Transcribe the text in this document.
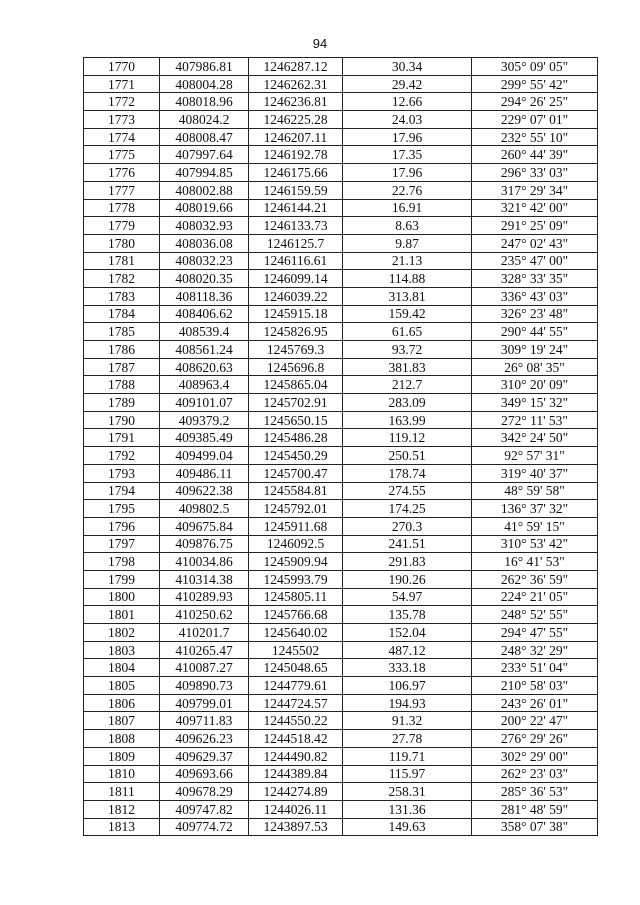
94
1770	407986.81	1246287.12	30.34	305° 09' 05"
1771	408004.28	1246262.31	29.42	299° 55' 42"
1772	408018.96	1246236.81	12.66	294° 26' 25"
1773	408024.2	1246225.28	24.03	229° 07' 01"
1774	408008.47	1246207.11	17.96	232° 55' 10"
1775	407997.64	1246192.78	17.35	260° 44' 39"
1776	407994.85	1246175.66	17.96	296° 33' 03"
1777	408002.88	1246159.59	22.76	317° 29' 34"
1778	408019.66	1246144.21	16.91	321° 42' 00"
1779	408032.93	1246133.73	8.63	291° 25' 09"
1780	408036.08	1246125.7	9.87	247° 02' 43"
1781	408032.23	1246116.61	21.13	235° 47' 00"
1782	408020.35	1246099.14	114.88	328° 33' 35"
1783	408118.36	1246039.22	313.81	336° 43' 03"
1784	408406.62	1245915.18	159.42	326° 23' 48"
1785	408539.4	1245826.95	61.65	290° 44' 55"
1786	408561.24	1245769.3	93.72	309° 19' 24"
1787	408620.63	1245696.8	381.83	26° 08' 35"
1788	408963.4	1245865.04	212.7	310° 20' 09"
1789	409101.07	1245702.91	283.09	349° 15' 32"
1790	409379.2	1245650.15	163.99	272° 11' 53"
1791	409385.49	1245486.28	119.12	342° 24' 50"
1792	409499.04	1245450.29	250.51	92° 57' 31"
1793	409486.11	1245700.47	178.74	319° 40' 37"
1794	409622.38	1245584.81	274.55	48° 59' 58"
1795	409802.5	1245792.01	174.25	136° 37' 32"
1796	409675.84	1245911.68	270.3	41° 59' 15"
1797	409876.75	1246092.5	241.51	310° 53' 42"
1798	410034.86	1245909.94	291.83	16° 41' 53"
1799	410314.38	1245993.79	190.26	262° 36' 59"
1800	410289.93	1245805.11	54.97	224° 21' 05"
1801	410250.62	1245766.68	135.78	248° 52' 55"
1802	410201.7	1245640.02	152.04	294° 47' 55"
1803	410265.47	1245502	487.12	248° 32' 29"
1804	410087.27	1245048.65	333.18	233° 51' 04"
1805	409890.73	1244779.61	106.97	210° 58' 03"
1806	409799.01	1244724.57	194.93	243° 26' 01"
1807	409711.83	1244550.22	91.32	200° 22' 47"
1808	409626.23	1244518.42	27.78	276° 29' 26"
1809	409629.37	1244490.82	119.71	302° 29' 00"
1810	409693.66	1244389.84	115.97	262° 23' 03"
1811	409678.29	1244274.89	258.31	285° 36' 53"
1812	409747.82	1244026.11	131.36	281° 48' 59"
1813	409774.72	1243897.53	149.63	358° 07' 38"
